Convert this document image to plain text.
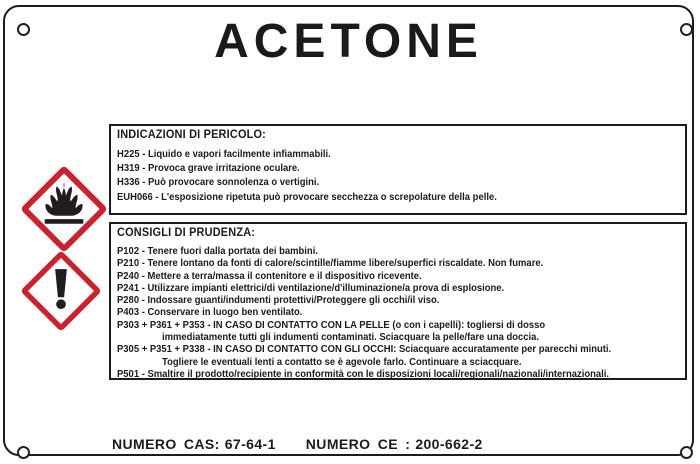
ACETONE
INDICAZIONI DI PERICOLO:
H225 - Liquido e vapori facilmente infiammabili.
H319 - Provoca grave irritazione oculare.
H336 - Può provocare sonnolenza o vertigini.
EUH066 - L'esposizione ripetuta può provocare secchezza o screpolature della pelle.
CONSIGLI DI PRUDENZA:
P102 - Tenere fuori dalla portata dei bambini.
P210 - Tenere lontano da fonti di calore/scintille/fiamme libere/superfici riscaldate. Non fumare.
P240 - Mettere a terra/massa il contenitore e il dispositivo ricevente.
P241 - Utilizzare impianti elettrici/di ventilazione/d'illuminazione/a prova di esplosione.
P280 - Indossare guanti/indumenti protettivi/Proteggere gli occhi/il viso.
P403 - Conservare in luogo ben ventilato.
P303 + P361 + P353 - IN CASO DI CONTATTO CON LA PELLE (o con i capelli): togliersi di dosso
immediatamente tutti gli indumenti contaminati. Sciacquare la pelle/fare una doccia.
P305 + P351 + P338 - IN CASO DI CONTATTO CON GLI OCCHI: Sciacquare accuratamente per parecchi minuti.
Togliere le eventuali lenti a contatto se è agevole farlo. Continuare a sciacquare.
P501 - Smaltire il prodotto/recipiente in conformità con le disposizioni locali/regionali/nazionali/internazionali.
NUMERO CAS: 67-64-1 NUMERO CE : 200-662-2
